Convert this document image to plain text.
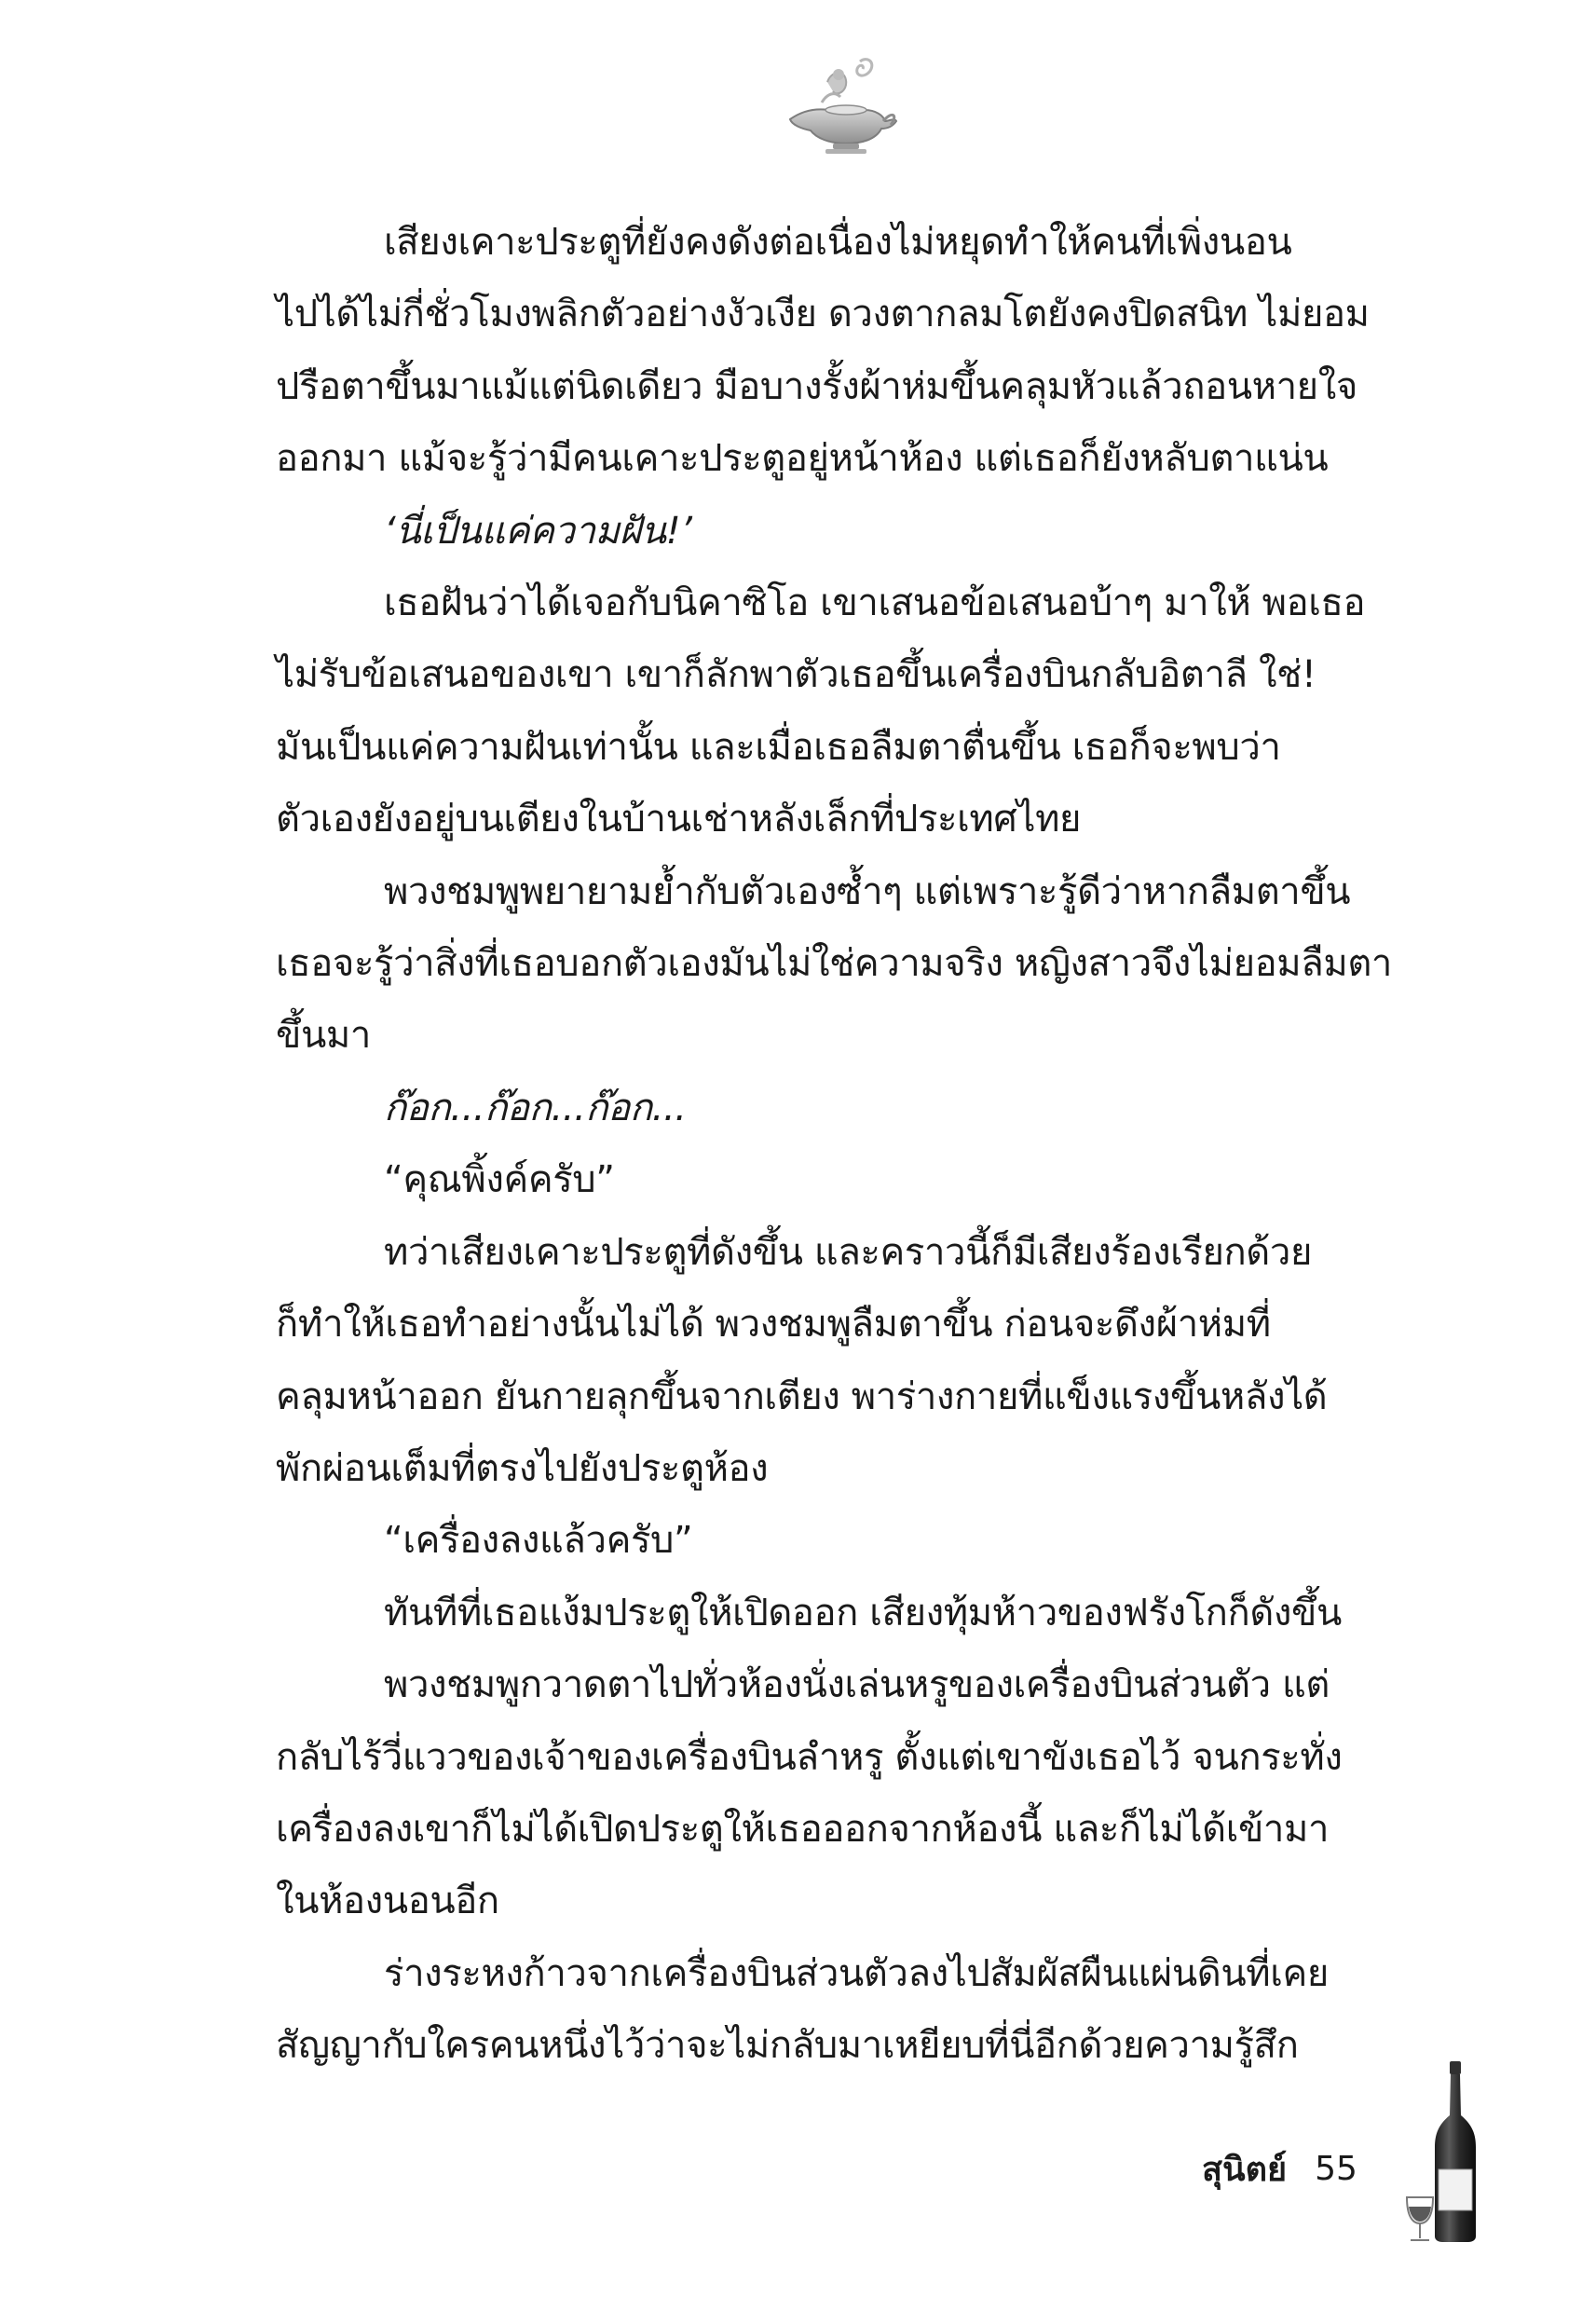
เสียงเคาะประตูที่ยังคงดังต่อเนื่องไม่หยุดทำให้คนที่เพิ่งนอน

ไปได้ไม่กี่ชั่วโมงพลิกตัวอย่างงัวเงีย ดวงตากลมโตยังคงปิดสนิท ไม่ยอม

ปรือตาขึ้นมาแม้แต่นิดเดียว มือบางรั้งผ้าห่มขึ้นคลุมหัวแล้วถอนหายใจ

ออกมา แม้จะรู้ว่ามีคนเคาะประตูอยู่หน้าห้อง แต่เธอก็ยังหลับตาแน่น

‘นี่เป็นแค่ความฝัน!’

เธอฝันว่าได้เจอกับนิคาซิโอ เขาเสนอข้อเสนอบ้าๆ มาให้ พอเธอ

ไม่รับข้อเสนอของเขา เขาก็ลักพาตัวเธอขึ้นเครื่องบินกลับอิตาลี ใช่!

มันเป็นแค่ความฝันเท่านั้น และเมื่อเธอลืมตาตื่นขึ้น เธอก็จะพบว่า

ตัวเองยังอยู่บนเตียงในบ้านเช่าหลังเล็กที่ประเทศไทย

พวงชมพูพยายามย้ำกับตัวเองซ้ำๆ แต่เพราะรู้ดีว่าหากลืมตาขึ้น

เธอจะรู้ว่าสิ่งที่เธอบอกตัวเองมันไม่ใช่ความจริง หญิงสาวจึงไม่ยอมลืมตา

ขึ้นมา

ก๊อก...ก๊อก...ก๊อก...

“คุณพิ้งค์ครับ”

ทว่าเสียงเคาะประตูที่ดังขึ้น และคราวนี้ก็มีเสียงร้องเรียกด้วย

ก็ทำให้เธอทำอย่างนั้นไม่ได้ พวงชมพูลืมตาขึ้น ก่อนจะดึงผ้าห่มที่

คลุมหน้าออก ยันกายลุกขึ้นจากเตียง พาร่างกายที่แข็งแรงขึ้นหลังได้

พักผ่อนเต็มที่ตรงไปยังประตูห้อง

“เครื่องลงแล้วครับ”

ทันทีที่เธอแง้มประตูให้เปิดออก เสียงทุ้มห้าวของฟรังโกก็ดังขึ้น

พวงชมพูกวาดตาไปทั่วห้องนั่งเล่นหรูของเครื่องบินส่วนตัว แต่

กลับไร้วี่แววของเจ้าของเครื่องบินลำหรู ตั้งแต่เขาขังเธอไว้ จนกระทั่ง

เครื่องลงเขาก็ไม่ได้เปิดประตูให้เธอออกจากห้องนี้ และก็ไม่ได้เข้ามา

ในห้องนอนอีก

ร่างระหงก้าวจากเครื่องบินส่วนตัวลงไปสัมผัสผืนแผ่นดินที่เคย

สัญญากับใครคนหนึ่งไว้ว่าจะไม่กลับมาเหยียบที่นี่อีกด้วยความรู้สึก

สุนิตย์ 55
